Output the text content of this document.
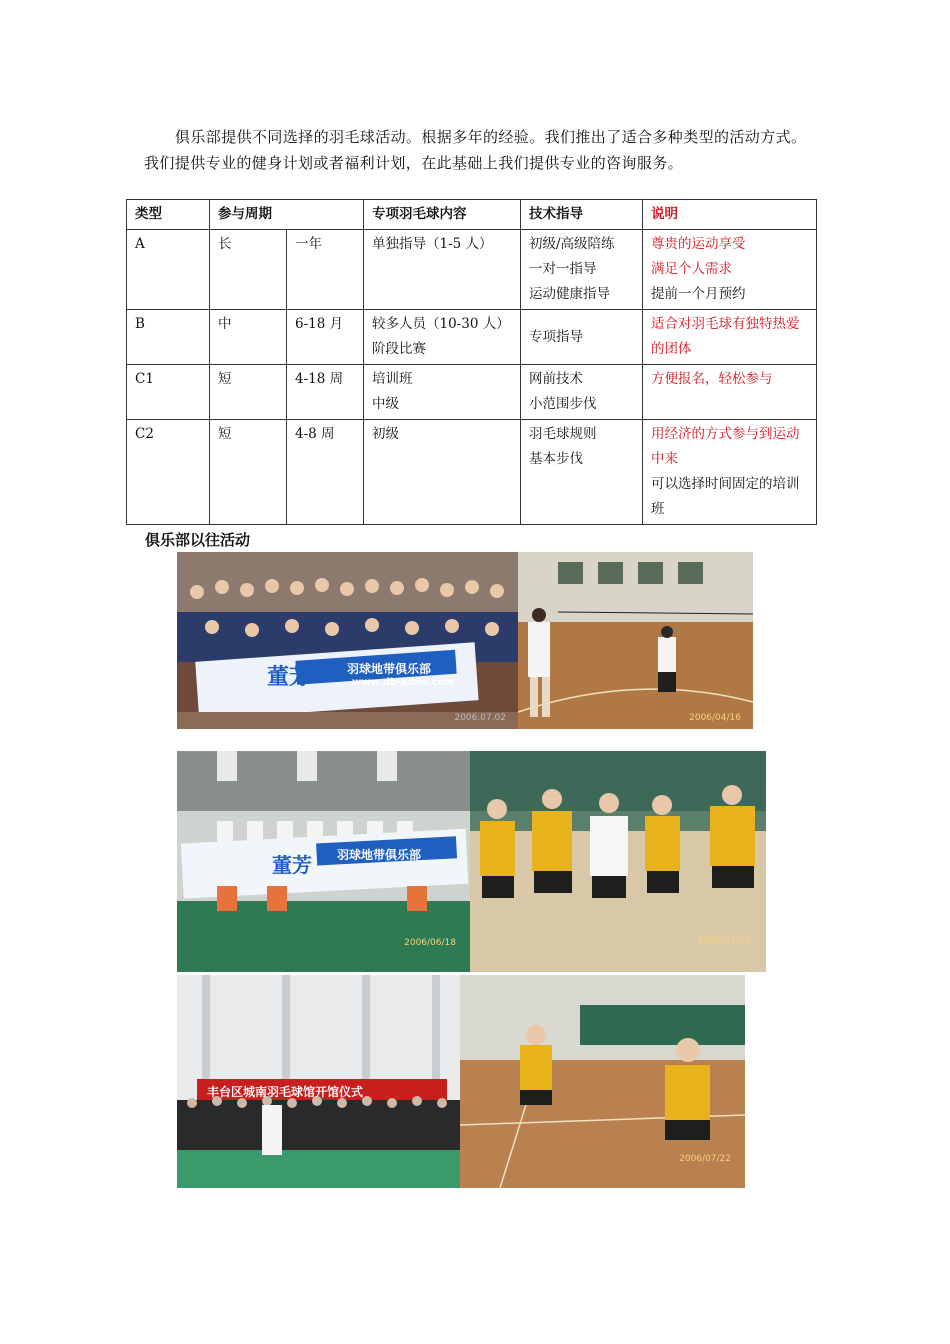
俱乐部提供不同选择的羽毛球活动。根据多年的经验。我们推出了适合多种类型的活动方式。我们提供专业的健身计划或者福利计划，在此基础上我们提供专业的咨询服务。

类型	参与周期		专项羽毛球内容	技术指导	说明
A	长	一年	单独指导（1-5 人）	初级/高级陪练
一对一指导
运动健康指导	尊贵的运动享受
满足个人需求
提前一个月预约

B	中	6-18 月	较多人员（10-30 人）
阶段比赛	专项指导	适合对羽毛球有独特热爱的团体

C1	短	4-18 周	培训班
中级	网前技术
小范围步伐	方便报名，轻松参与

C2	短	4-8 周	初级	羽毛球规则
基本步伐	用经济的方式参与到运动中来
可以选择时间固定的培训班
俱乐部以往活动
董芳	羽球地带俱乐部
www.db-zone.com
2006.07.02	2006/04/16
董芳 羽球地带俱乐部
2006/06/18	2006/07/22
丰台区城南羽毛球馆开馆仪式
2006/07/22
